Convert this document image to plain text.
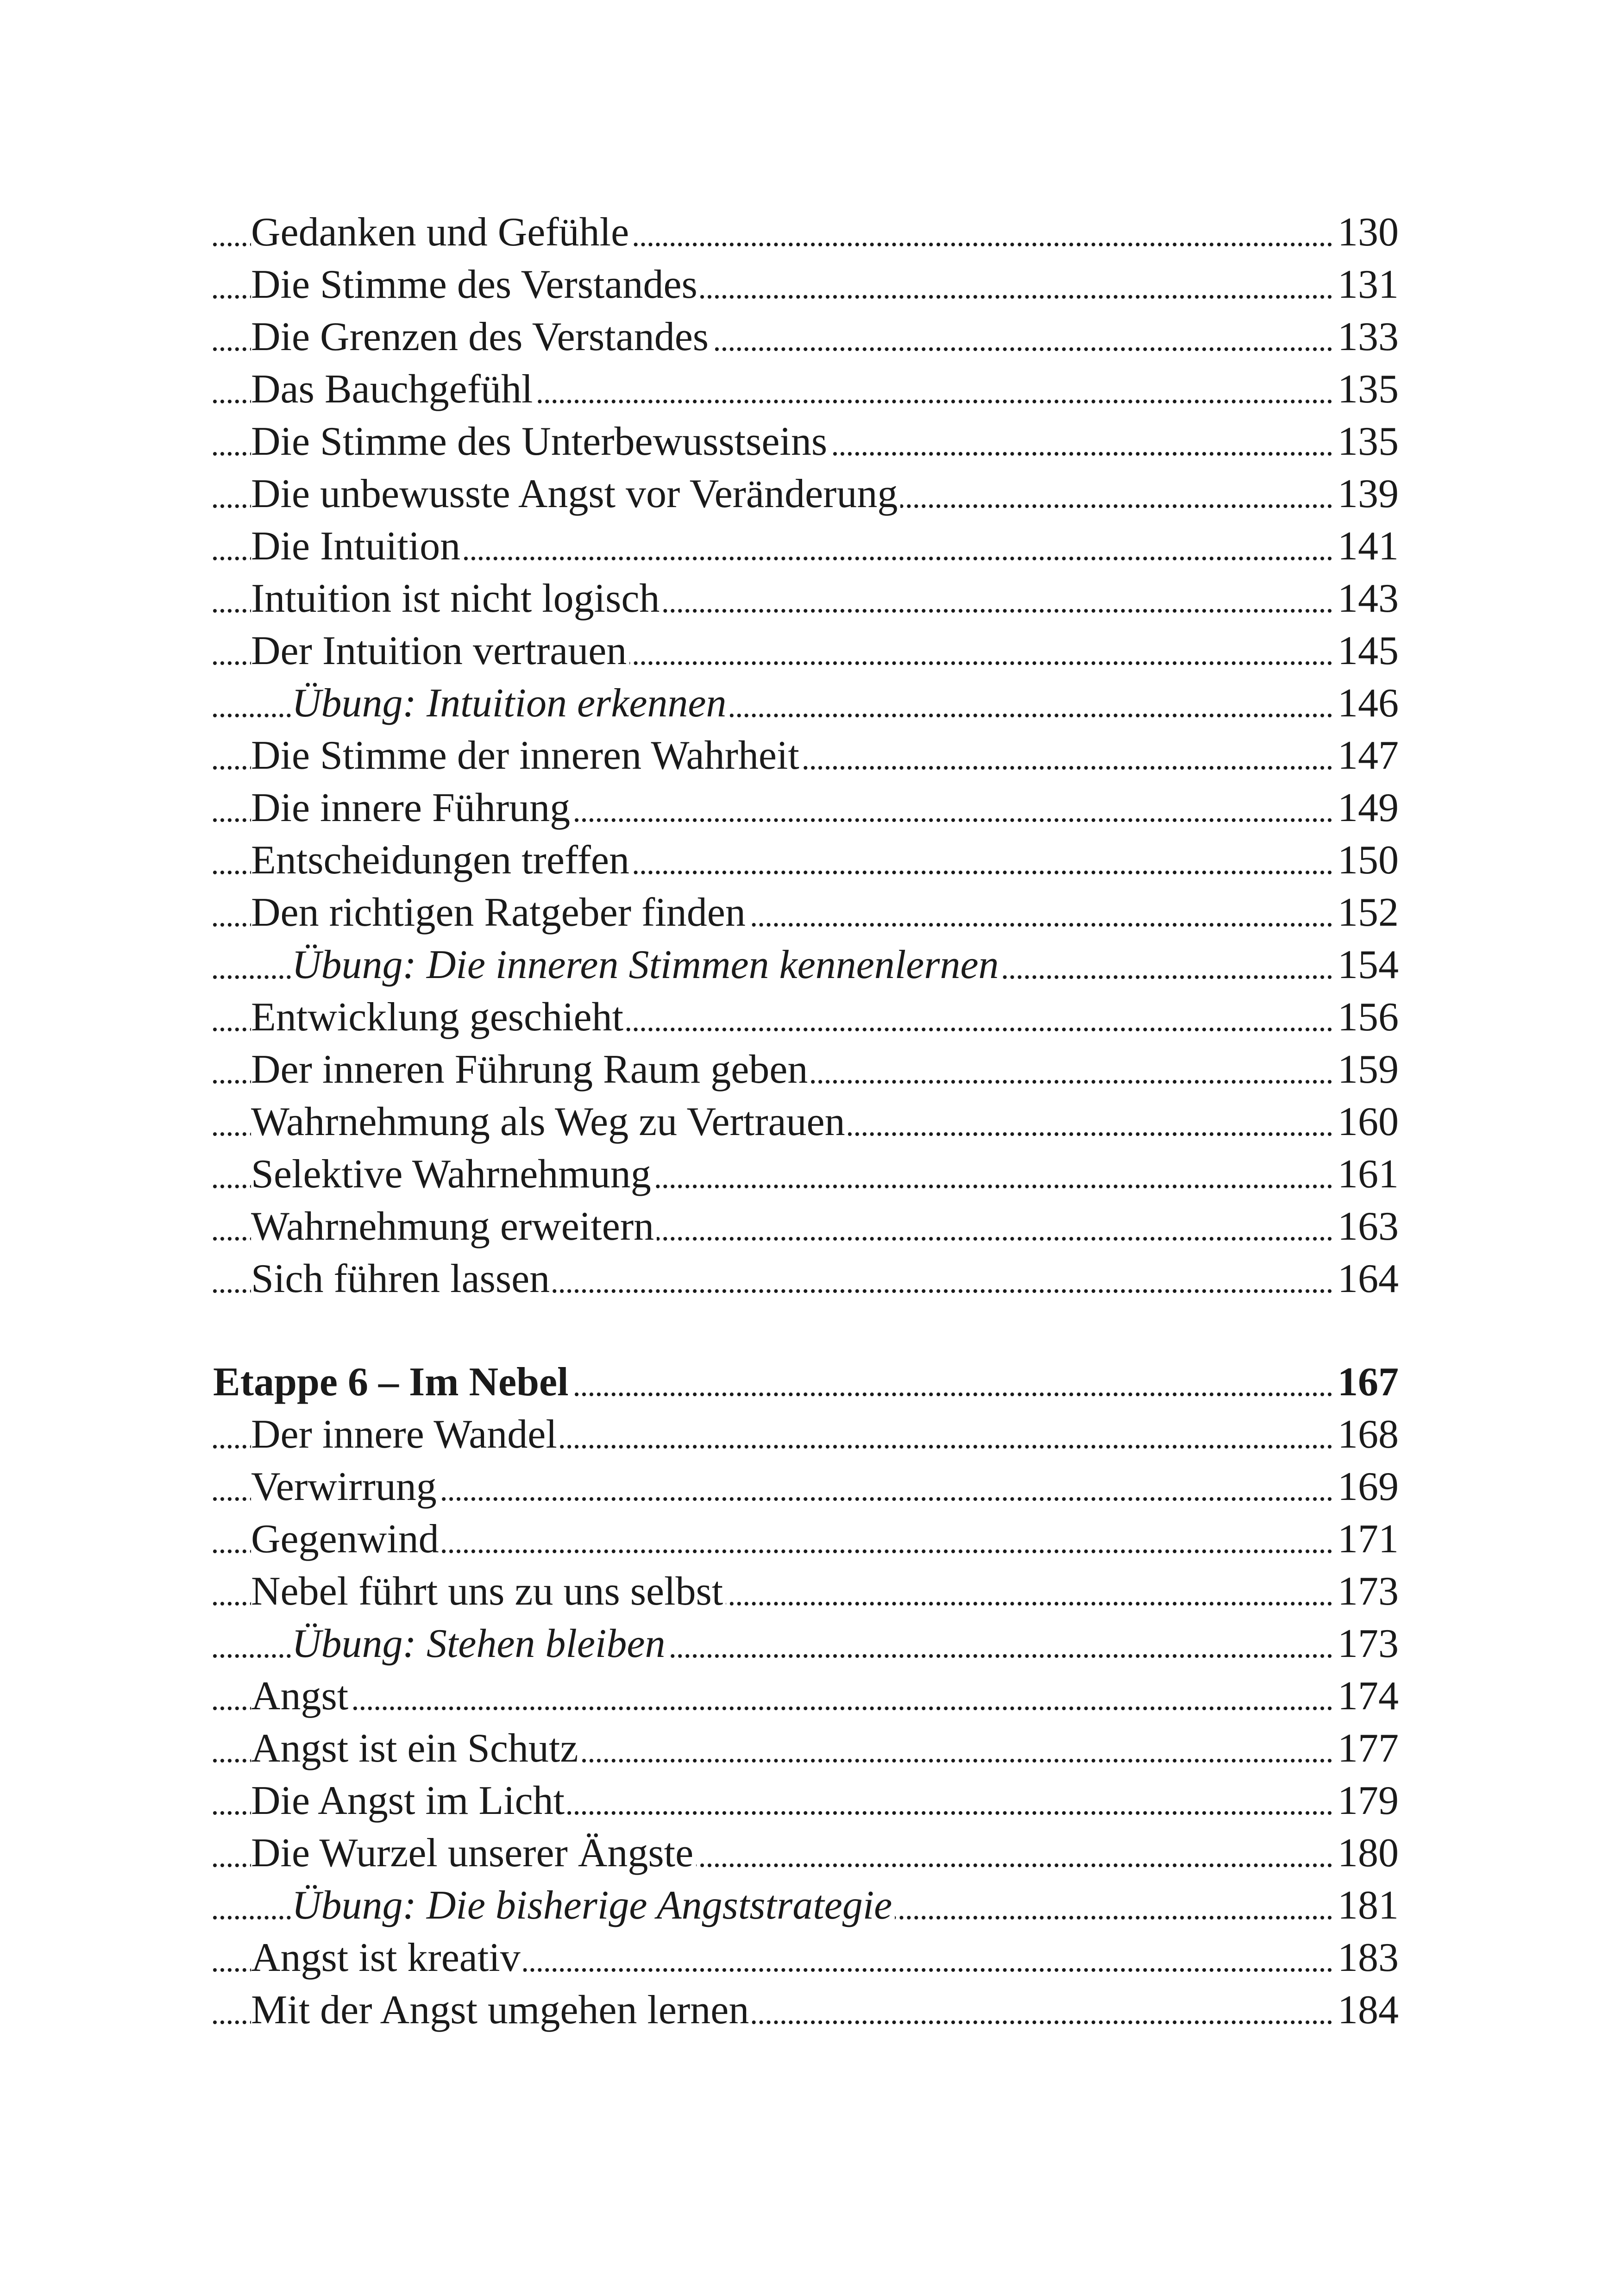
Gedanken und Gefühle	130
Die Stimme des Verstandes	131
Die Grenzen des Verstandes	133
Das Bauchgefühl	135
Die Stimme des Unterbewusstseins	135
Die unbewusste Angst vor Veränderung	139
Die Intuition	141
Intuition ist nicht logisch	143
Der Intuition vertrauen	145
Übung: Intuition erkennen	146
Die Stimme der inneren Wahrheit	147
Die innere Führung	149
Entscheidungen treffen	150
Den richtigen Ratgeber finden	152
Übung: Die inneren Stimmen kennenlernen	154
Entwicklung geschieht	156
Der inneren Führung Raum geben	159
Wahrnehmung als Weg zu Vertrauen	160
Selektive Wahrnehmung	161
Wahrnehmung erweitern	163
Sich führen lassen	164
Etappe 6 – Im Nebel	167
Der innere Wandel	168
Verwirrung	169
Gegenwind	171
Nebel führt uns zu uns selbst	173
Übung: Stehen bleiben	173
Angst	174
Angst ist ein Schutz	177
Die Angst im Licht	179
Die Wurzel unserer Ängste	180
Übung: Die bisherige Angststrategie	181
Angst ist kreativ	183
Mit der Angst umgehen lernen	184
